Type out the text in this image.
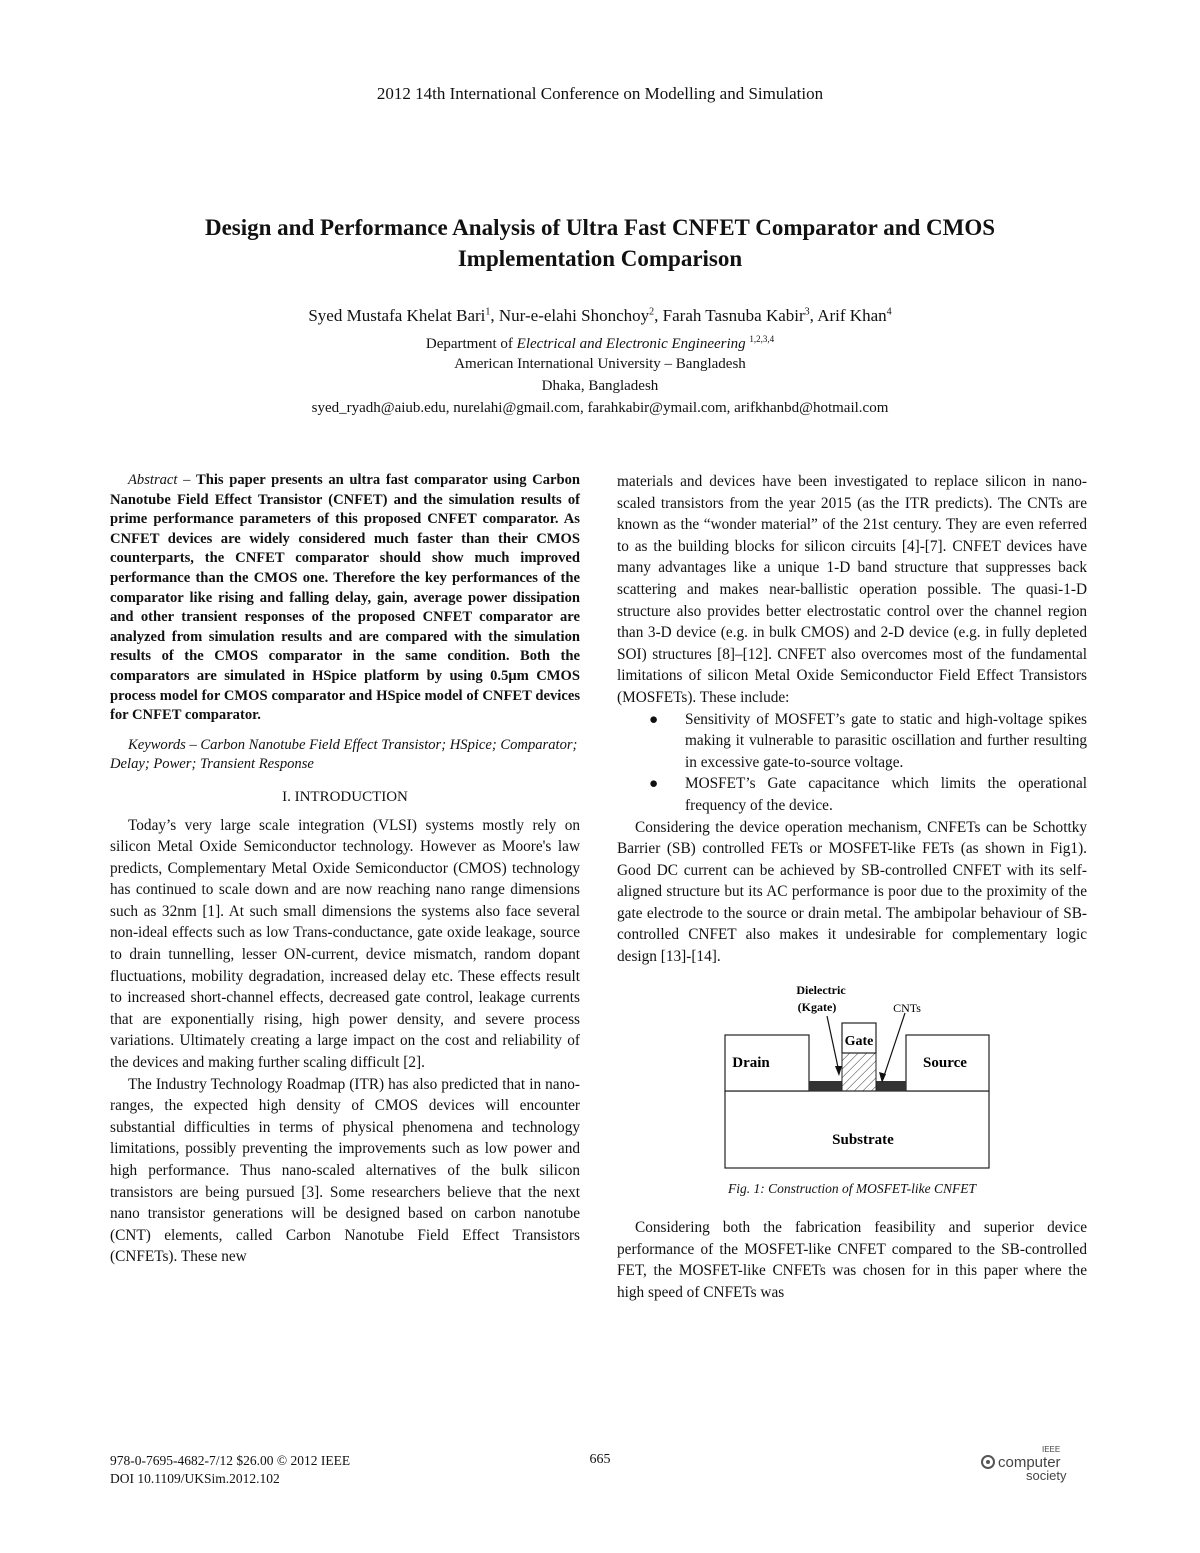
2012 14th International Conference on Modelling and Simulation
Design and Performance Analysis of Ultra Fast CNFET Comparator and CMOS
Implementation Comparison
Syed Mustafa Khelat Bari$^1$, Nur-e-elahi Shonchoy$^2$, Farah Tasnuba Kabir$^3$, Arif Khan$^4$
Department of Electrical and Electronic Engineering $^{1,2,3,4}$
American International University – Bangladesh
Dhaka, Bangladesh
syed_ryadh@aiub.edu, nurelahi@gmail.com, farahkabir@ymail.com, arifkhanbd@hotmail.com

Abstract – This paper presents an ultra fast comparator using Carbon Nanotube Field Effect Transistor (CNFET) and the simulation results of prime performance parameters of this proposed CNFET comparator. As CNFET devices are widely considered much faster than their CMOS counterparts, the CNFET comparator should show much improved performance than the CMOS one. Therefore the key performances of the comparator like rising and falling delay, gain, average power dissipation and other transient responses of the proposed CNFET comparator are analyzed from simulation results and are compared with the simulation results of the CMOS comparator in the same condition. Both the comparators are simulated in HSpice platform by using 0.5μm CMOS process model for CMOS comparator and HSpice model of CNFET devices for CNFET comparator.

Keywords – Carbon Nanotube Field Effect Transistor; HSpice; Comparator; Delay; Power; Transient Response

I. INTRODUCTION

Today’s very large scale integration (VLSI) systems mostly rely on silicon Metal Oxide Semiconductor technology. However as Moore's law predicts, Complementary Metal Oxide Semiconductor (CMOS) technology has continued to scale down and are now reaching nano range dimensions such as 32nm [1]. At such small dimensions the systems also face several non-ideal effects such as low Trans-conductance, gate oxide leakage, source to drain tunnelling, lesser ON-current, device mismatch, random dopant fluctuations, mobility degradation, increased delay etc. These effects result to increased short-channel effects, decreased gate control, leakage currents that are exponentially rising, high power density, and severe process variations. Ultimately creating a large impact on the cost and reliability of the devices and making further scaling difficult [2].

The Industry Technology Roadmap (ITR) has also predicted that in nano-ranges, the expected high density of CMOS devices will encounter substantial difficulties in terms of physical phenomena and technology limitations, possibly preventing the improvements such as low power and high performance. Thus nano-scaled alternatives of the bulk silicon transistors are being pursued [3]. Some researchers believe that the next nano transistor generations will be designed based on carbon nanotube (CNT) elements, called Carbon Nanotube Field Effect Transistors (CNFETs). These new

materials and devices have been investigated to replace silicon in nano-scaled transistors from the year 2015 (as the ITR predicts). The CNTs are known as the “wonder material” of the 21st century. They are even referred to as the building blocks for silicon circuits [4]-[7]. CNFET devices have many advantages like a unique 1-D band structure that suppresses back scattering and makes near-ballistic operation possible. The quasi-1-D structure also provides better electrostatic control over the channel region than 3-D device (e.g. in bulk CMOS) and 2-D device (e.g. in fully depleted SOI) structures [8]–[12]. CNFET also overcomes most of the fundamental limitations of silicon Metal Oxide Semiconductor Field Effect Transistors (MOSFETs). These include:

● Sensitivity of MOSFET’s gate to static and high-voltage spikes making it vulnerable to parasitic oscillation and further resulting in excessive gate-to-source voltage.
● MOSFET’s Gate capacitance which limits the operational frequency of the device.

Considering the device operation mechanism, CNFETs can be Schottky Barrier (SB) controlled FETs or MOSFET-like FETs (as shown in Fig1). Good DC current can be achieved by SB-controlled CNFET with its self-aligned structure but its AC performance is poor due to the proximity of the gate electrode to the source or drain metal. The ambipolar behaviour of SB-controlled CNFET also makes it undesirable for complementary logic design [13]-[14].

Dielectric
(Kgate)	CNTs
Gate
Drain	Source
Substrate

Fig. 1: Construction of MOSFET-like CNFET

Considering both the fabrication feasibility and superior device performance of the MOSFET-like CNFET compared to the SB-controlled FET, the MOSFET-like CNFETs was chosen for in this paper where the high speed of CNFETs was

978-0-7695-4682-7/12 $26.00 © 2012 IEEE
DOI 10.1109/UKSim.2012.102
665
IEEE
computer
society
